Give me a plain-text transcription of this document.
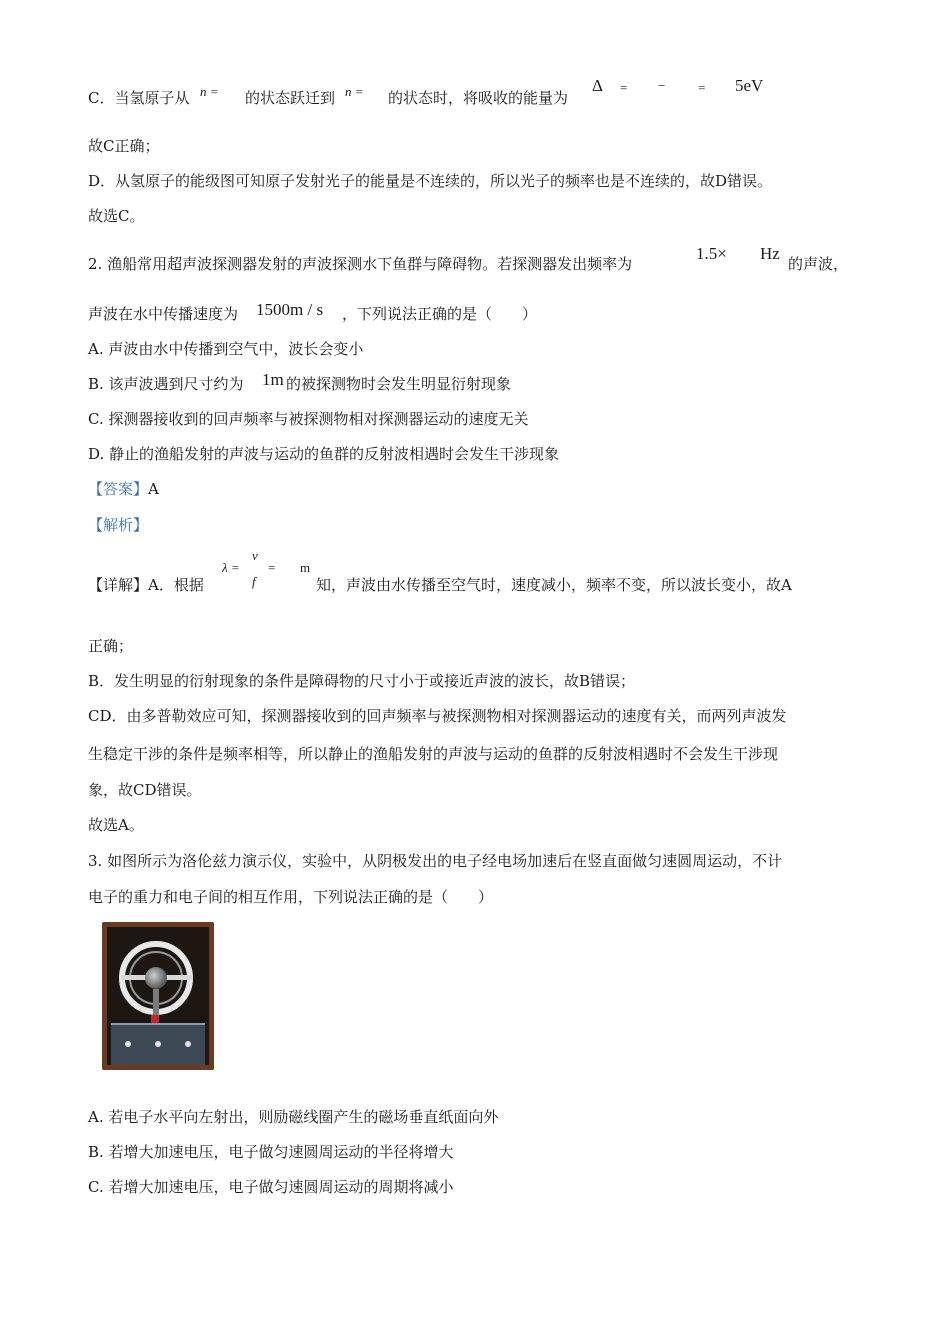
C．当氢原子从 n = 的状态跃迁到 n = 的状态时，将吸收的能量为
Δ = −	= 5eV
故C正确；
D．从氢原子的能级图可知原子发射光子的能量是不连续的，所以光子的频率也是不连续的，故D错误。
故选C。
2. 渔船常用超声波探测器发射的声波探测水下鱼群与障碍物。若探测器发出频率为
1.5× Hz
的声波，
声波在水中传播速度为 1500m / s ，下列说法正确的是（　　）
A. 声波由水中传播到空气中，波长会变小
B. 该声波遇到尺寸约为 1m 的被探测物时会发生明显衍射现象
C. 探测器接收到的回声频率与被探测物相对探测器运动的速度无关
D. 静止的渔船发射的声波与运动的鱼群的反射波相遇时会发生干涉现象
【答案】A
【解析】
【详解】A．根据
λ =
v
f
= m
知，声波由水传播至空气时，速度减小，频率不变，所以波长变小，故A
正确；
B．发生明显的衍射现象的条件是障碍物的尺寸小于或接近声波的波长，故B错误；
CD．由多普勒效应可知，探测器接收到的回声频率与被探测物相对探测器运动的速度有关，而两列声波发
生稳定干涉的条件是频率相等，所以静止的渔船发射的声波与运动的鱼群的反射波相遇时不会发生干涉现
象，故CD错误。
故选A。
3. 如图所示为洛伦兹力演示仪，实验中，从阴极发出的电子经电场加速后在竖直面做匀速圆周运动，不计
电子的重力和电子间的相互作用，下列说法正确的是（　　）
A. 若电子水平向左射出，则励磁线圈产生的磁场垂直纸面向外
B. 若增大加速电压，电子做匀速圆周运动的半径将增大
C. 若增大加速电压，电子做匀速圆周运动的周期将减小
